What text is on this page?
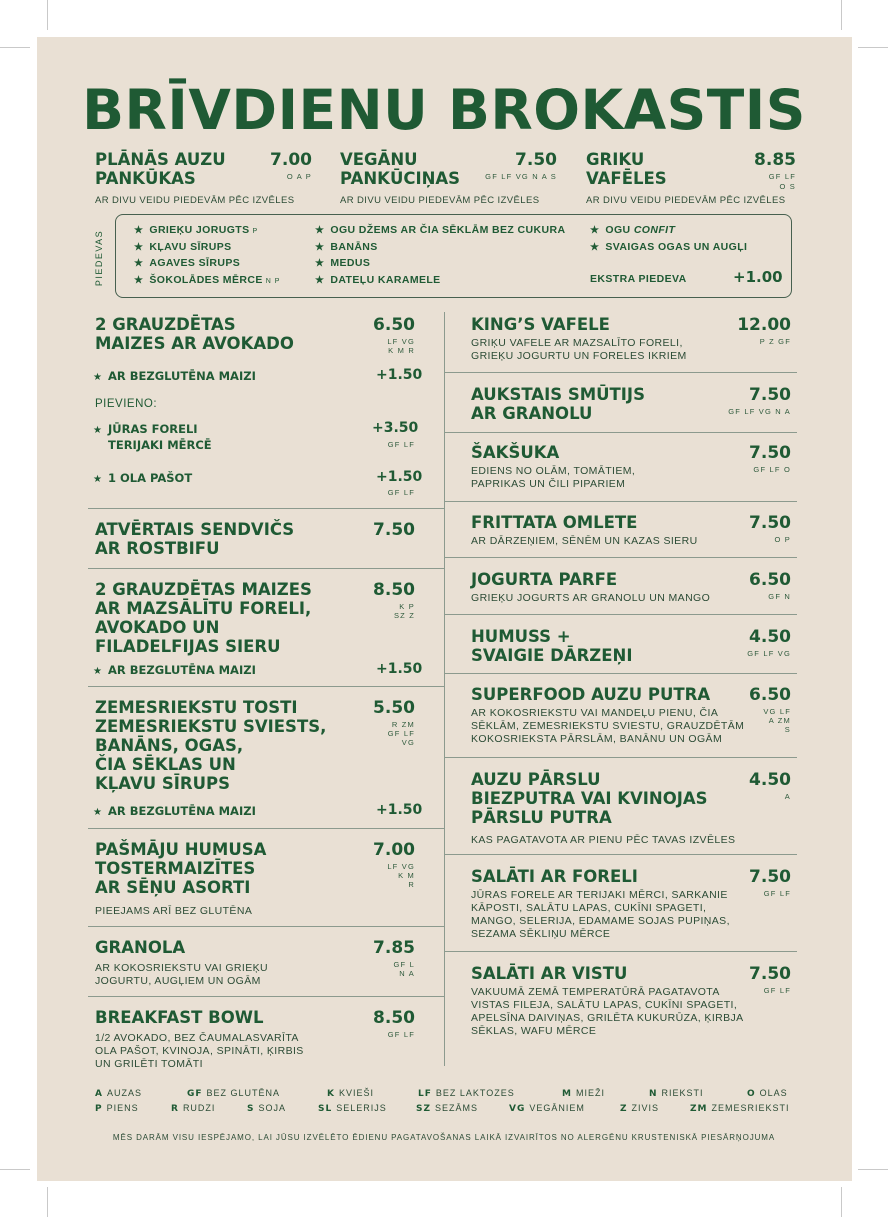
BRĪVDIENU BROKASTIS
PLĀNĀS AUZU
PANKŪKAS
7.00
O A P
AR DIVU VEIDU PIEDEVĀM PĒC IZVĒLES
VEGĀNU
PANKŪCIŅAS
7.50
GF LF VG N A S
AR DIVU VEIDU PIEDEVĀM PĒC IZVĒLES
GRIKU
VAFĒLES
8.85
GF LF
O S
AR DIVU VEIDU PIEDEVĀM PĒC IZVĒLES
PIEDEVAS	★ GRIEĶU JORUGTS P
★ KĻAVU SĪRUPS
★ AGAVES SĪRUPS
★ ŠOKOLĀDES MĒRCE N P
★ OGU DŽEMS AR ČIA SĒKLĀM BEZ CUKURA
★ BANĀNS
★ MEDUS
★ DATEĻU KARAMELE
★ OGU CONFIT
★ SVAIGAS OGAS UN AUGĻI
EKSTRA PIEDEVA	+1.00
2 GRAUZDĒTAS
MAIZES AR AVOKADO
6.50
LF VG
K M R
★ AR BEZGLUTĒNA MAIZI	+1.50
PIEVIENO:
★ JŪRAS FORELI
TERIJAKI MĒRCĒ
+3.50
GF LF
★ 1 OLA PAŠOT	+1.50
GF LF
ATVĒRTAIS SENDVIČS
AR ROSTBIFU
7.50
2 GRAUZDĒTAS MAIZES
AR MAZSĀLĪTU FORELI,
AVOKADO UN
FILADELFIJAS SIERU
8.50
K P
SZ Z
★ AR BEZGLUTĒNA MAIZI	+1.50
ZEMESRIEKSTU TOSTI
ZEMESRIEKSTU SVIESTS,
BANĀNS, OGAS,
ČIA SĒKLAS UN
KĻAVU SĪRUPS
5.50
R ZM
GF LF
VG
★ AR BEZGLUTĒNA MAIZI	+1.50
PAŠMĀJU HUMUSA
TOSTERMAIZĪTES
AR SĒŅU ASORTI
7.00
LF VG
K M
R
PIEEJAMS ARĪ BEZ GLUTĒNA
GRANOLA	7.85
GF L
N A
AR KOKOSRIEKSTU VAI GRIEĶU
JOGURTU, AUGĻIEM UN OGĀM
BREAKFAST BOWL	8.50
GF LF
1/2 AVOKADO, BEZ ČAUMALASVARĪTA
OLA PAŠOT, KVINOJA, SPINĀTI, ĶIRBIS
UN GRILĒTI TOMĀTI
KING’S VAFELE	12.00
P Z GF
GRIĶU VAFELE AR MAZSALĪTO FORELI,
GRIEĶU JOGURTU UN FORELES IKRIEM
AUKSTAIS SMŪTIJS
AR GRANOLU
7.50
GF LF VG N A
ŠAKŠUKA	7.50
GF LF O
EDIENS NO OLĀM, TOMĀTIEM,
PAPRIKAS UN ČILI PIPARIEM
FRITTATA OMLETE	7.50
O P
AR DĀRZEŅIEM, SĒNĒM UN KAZAS SIERU
JOGURTA PARFE	6.50
GF N
GRIEĶU JOGURTS AR GRANOLU UN MANGO
HUMUSS +
SVAIGIE DĀRZEŅI
4.50
GF LF VG
SUPERFOOD AUZU PUTRA	6.50
VG LF
A ZM
S
AR KOKOSRIEKSTU VAI MANDEĻU PIENU, ČIA
SĒKLĀM, ZEMESRIEKSTU SVIESTU, GRAUZDĒTĀM
KOKOSRIEKSTA PĀRSLĀM, BANĀNU UN OGĀM
AUZU PĀRSLU
BIEZPUTRA VAI KVINOJAS
PĀRSLU PUTRA
4.50
A
KAS PAGATAVOTA AR PIENU PĒC TAVAS IZVĒLES
SALĀTI AR FORELI	7.50
GF LF
JŪRAS FORELE AR TERIJAKI MĒRCI, SARKANIE
KĀPOSTI, SALĀTU LAPAS, CUKĪNI SPAGETI,
MANGO, SELERIJA, EDAMAME SOJAS PUPIŅAS,
SEZAMA SĒKLIŅU MĒRCE
SALĀTI AR VISTU	7.50
GF LF
VAKUUMĀ ZEMĀ TEMPERATŪRĀ PAGATAVOTA
VISTAS FILEJA, SALĀTU LAPAS, CUKĪNI SPAGETI,
APELSĪNA DAIVIŅAS, GRILĒTA KUKURŪZA, ĶIRBJA
SĒKLAS, WAFU MĒRCE
A AUZAS	GF BEZ GLUTĒNA	K KVIEŠI	LF BEZ LAKTOZES	M MIEŽI	N RIEKSTI	O OLAS
P PIENS	R RUDZI	S SOJA	SL SELERIJS	SZ SEZĀMS	VG VEGĀNIEM	Z ZIVIS	ZM ZEMESRIEKSTI
MĒS DARĀM VISU IESPĒJAMO, LAI JŪSU IZVĒLĒTO ĒDIENU PAGATAVOŠANAS LAIKĀ IZVAIRĪTOS NO ALERGĒNU KRUSTENISKĀ PIESĀRŅOJUMA
